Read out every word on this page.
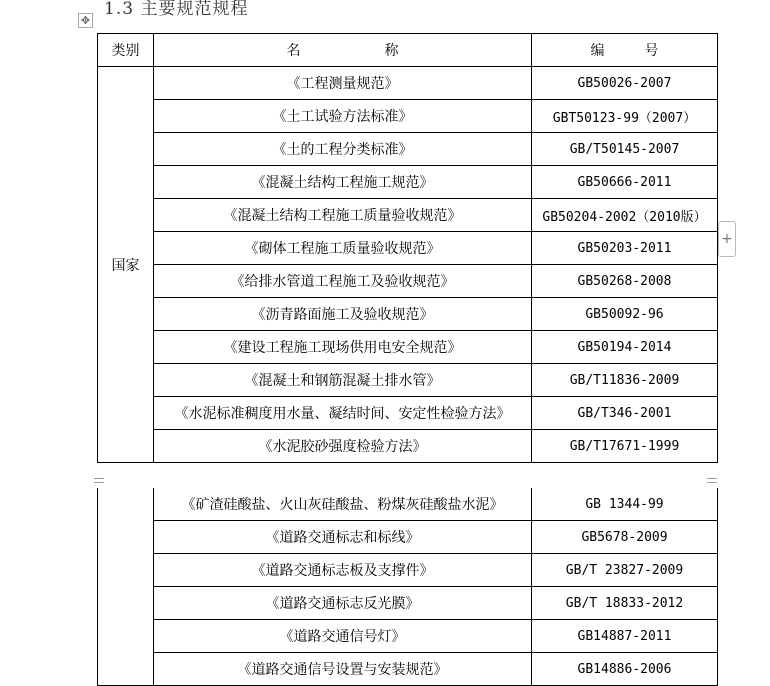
1.3 主要规范规程
✥
+
类别	名称	编号
国家	《工程测量规范》	GB50026-2007
	《土工试验方法标准》	GBT50123-99（2007）
	《土的工程分类标准》	GB/T50145-2007
	《混凝土结构工程施工规范》	GB50666-2011
	《混凝土结构工程施工质量验收规范》	GB50204-2002（2010版）
	《砌体工程施工质量验收规范》	GB50203-2011
	《给排水管道工程施工及验收规范》	GB50268-2008
	《沥青路面施工及验收规范》	GB50092-96
	《建设工程施工现场供用电安全规范》	GB50194-2014
	《混凝土和钢筋混凝土排水管》	GB/T11836-2009
	《水泥标准稠度用水量、凝结时间、安定性检验方法》	GB/T346-2001
	《水泥胶砂强度检验方法》	GB/T17671-1999
	《矿渣硅酸盐、火山灰硅酸盐、粉煤灰硅酸盐水泥》	GB 1344-99
	《道路交通标志和标线》	GB5678-2009
	《道路交通标志板及支撑件》	GB/T 23827-2009
	《道路交通标志反光膜》	GB/T 18833-2012
	《道路交通信号灯》	GB14887-2011
	《道路交通信号设置与安装规范》	GB14886-2006
